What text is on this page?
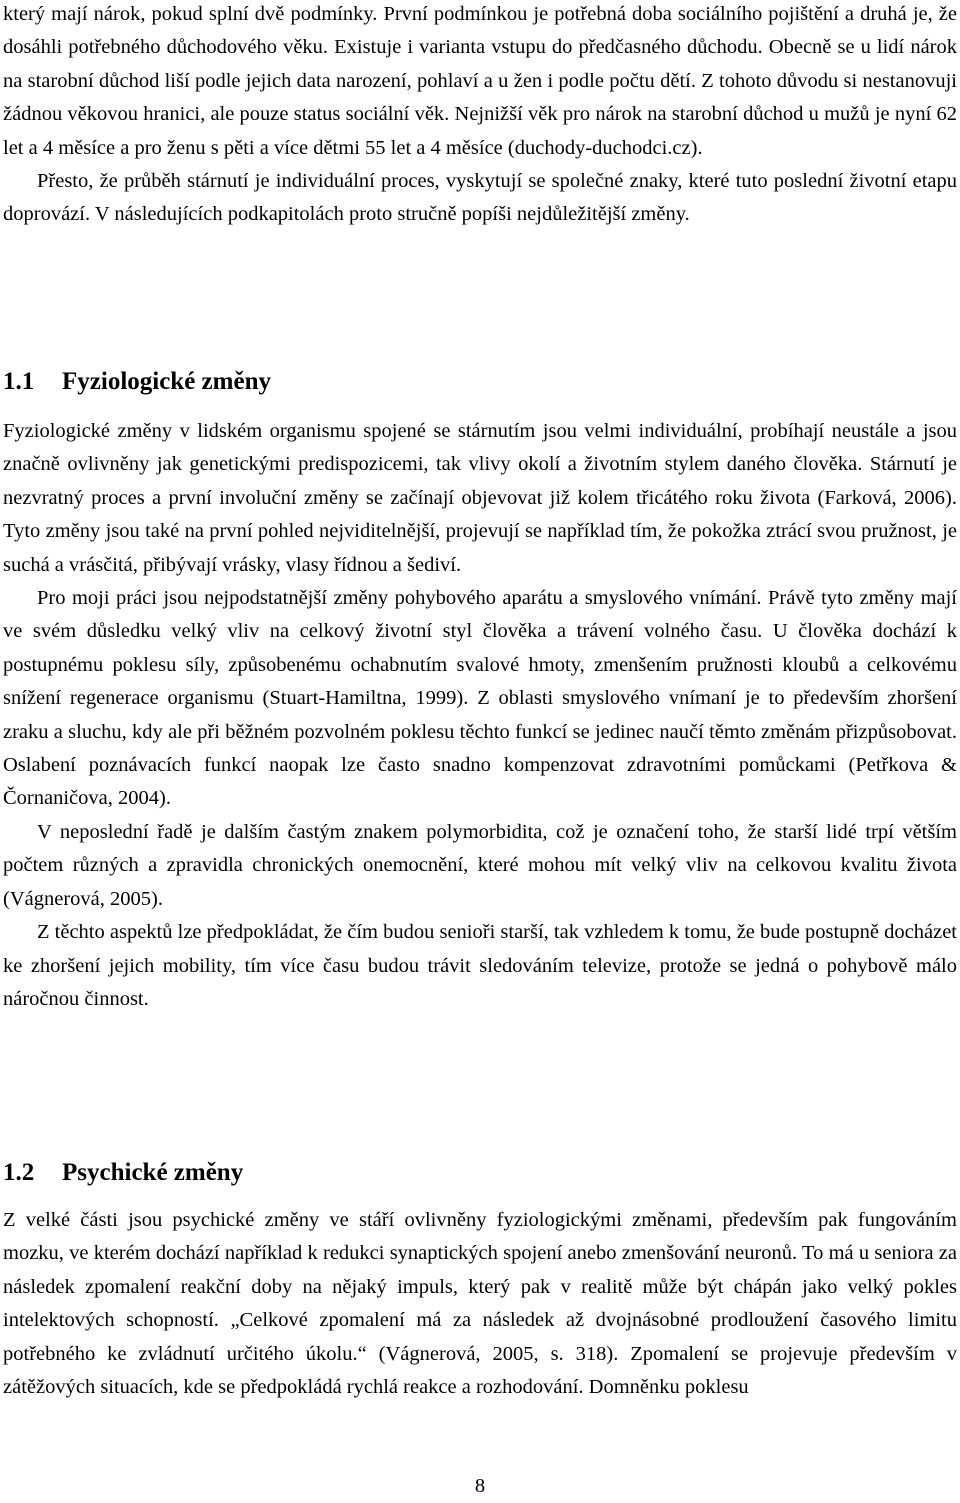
který mají nárok, pokud splní dvě podmínky. První podmínkou je potřebná doba sociálního pojištění a druhá je, že dosáhli potřebného důchodového věku. Existuje i varianta vstupu do předčasného důchodu. Obecně se u lidí nárok na starobní důchod liší podle jejich data narození, pohlaví a u žen i podle počtu dětí. Z tohoto důvodu si nestanovuji žádnou věkovou hranici, ale pouze status sociální věk. Nejnižší věk pro nárok na starobní důchod u mužů je nyní 62 let a 4 měsíce a pro ženu s pěti a více dětmi 55 let a 4 měsíce (duchody-duchodci.cz).

Přesto, že průběh stárnutí je individuální proces, vyskytují se společné znaky, které tuto poslední životní etapu doprovází. V následujících podkapitolách proto stručně popíši nejdůležitější změny.

1.1 Fyziologické změny

Fyziologické změny v lidském organismu spojené se stárnutím jsou velmi individuální, probíhají neustále a jsou značně ovlivněny jak genetickými predispozicemi, tak vlivy okolí a životním stylem daného člověka. Stárnutí je nezvratný proces a první involuční změny se začínají objevovat již kolem třicátého roku života (Farková, 2006). Tyto změny jsou také na první pohled nejviditelnější, projevují se například tím, že pokožka ztrácí svou pružnost, je suchá a vrásčitá, přibývají vrásky, vlasy řídnou a šediví.

Pro moji práci jsou nejpodstatnější změny pohybového aparátu a smyslového vnímání. Právě tyto změny mají ve svém důsledku velký vliv na celkový životní styl člověka a trávení volného času. U člověka dochází k postupnému poklesu síly, způsobenému ochabnutím svalové hmoty, zmenšením pružnosti kloubů a celkovému snížení regenerace organismu (Stuart-Hamiltna, 1999). Z oblasti smyslového vnímaní je to především zhoršení zraku a sluchu, kdy ale při běžném pozvolném poklesu těchto funkcí se jedinec naučí těmto změnám přizpůsobovat. Oslabení poznávacích funkcí naopak lze často snadno kompenzovat zdravotními pomůckami (Petřkova & Čornaničova, 2004).

V neposlední řadě je dalším častým znakem polymorbidita, což je označení toho, že starší lidé trpí větším počtem různých a zpravidla chronických onemocnění, které mohou mít velký vliv na celkovou kvalitu života (Vágnerová, 2005).

Z těchto aspektů lze předpokládat, že čím budou senioři starší, tak vzhledem k tomu, že bude postupně docházet ke zhoršení jejich mobility, tím více času budou trávit sledováním televize, protože se jedná o pohybově málo náročnou činnost.

1.2 Psychické změny

Z velké části jsou psychické změny ve stáří ovlivněny fyziologickými změnami, především pak fungováním mozku, ve kterém dochází například k redukci synaptických spojení anebo zmenšování neuronů. To má u seniora za následek zpomalení reakční doby na nějaký impuls, který pak v realitě může být chápán jako velký pokles intelektových schopností. „Celkové zpomalení má za následek až dvojnásobné prodloužení časového limitu potřebného ke zvládnutí určitého úkolu.“ (Vágnerová, 2005, s. 318). Zpomalení se projevuje především v zátěžových situacích, kde se předpokládá rychlá reakce a rozhodování. Domněnku poklesu

8
